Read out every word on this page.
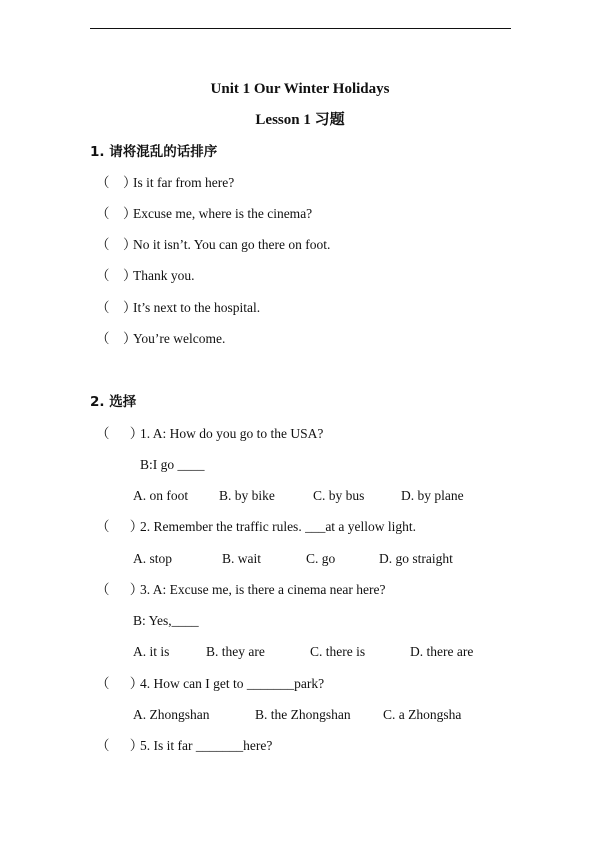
Unit 1 Our Winter Holidays
Lesson 1 习题
1. 请将混乱的话排序
（    ）
Is it far from here?
（    ）
Excuse me, where is the cinema?
（    ）
No it isn’t. You can go there on foot.
（    ）
Thank you.
（    ）
It’s next to the hospital.
（    ）
You’re welcome.
2. 选择
（      ）
1. A: How do you go to the USA?
B:I go ____
A. on foot B. by bike	C. by bus	D. by plane
（      ）
2. Remember the traffic rules. ___at a yellow light.
A. stop	B. wait	C. go	D. go straight
（      ）
3. A: Excuse me, is there a cinema near here?
B: Yes,____
A. it is	B. they are	C. there is	D. there are
（      ）
4. How can I get to _______park?
A. Zhongshan	B. the Zhongshan C. a Zhongsha
（      ）
5. Is it far _______here?
